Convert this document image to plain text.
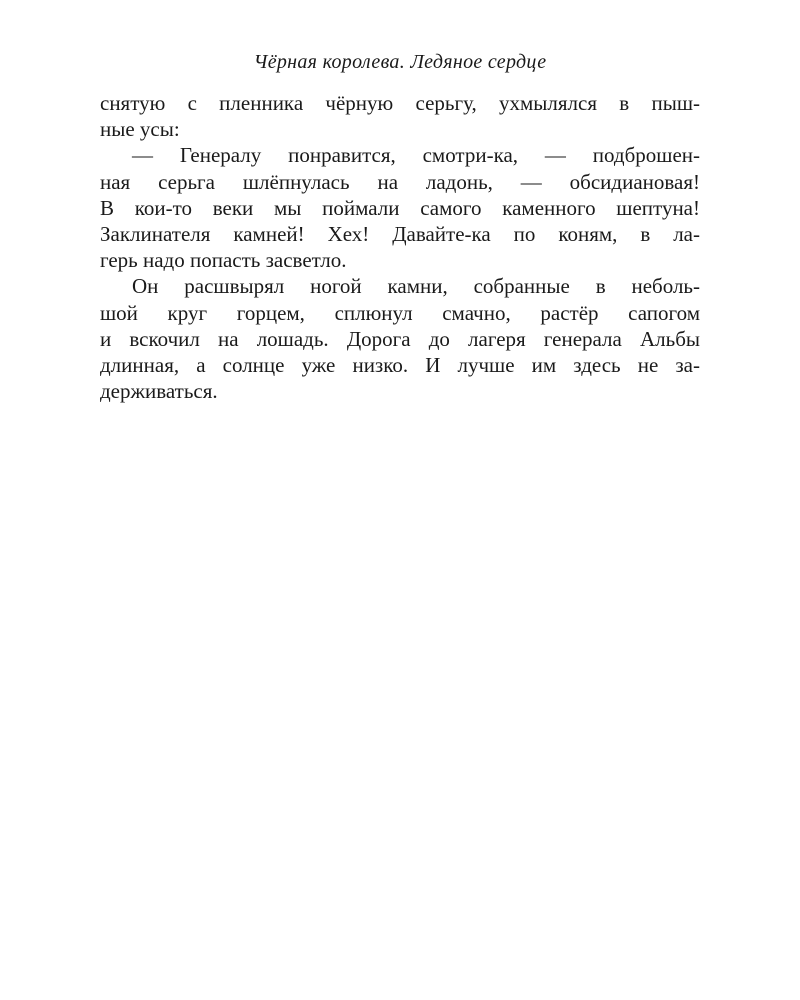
Чёрная королева. Ледяное сердце

снятую с пленника чёрную серьгу, ухмылялся в пыш-
ные усы:

— Генералу понравится, смотри-ка, — подброшен-
ная серьга шлёпнулась на ладонь, — обсидиановая!
В кои-то веки мы поймали самого каменного шептуна!
Заклинателя камней! Хех! Давайте-ка по коням, в ла-
герь надо попасть засветло.

Он расшвырял ногой камни, собранные в неболь-
шой круг горцем, сплюнул смачно, растёр сапогом
и вскочил на лошадь. Дорога до лагеря генерала Альбы
длинная, а солнце уже низко. И лучше им здесь не за-
держиваться.
